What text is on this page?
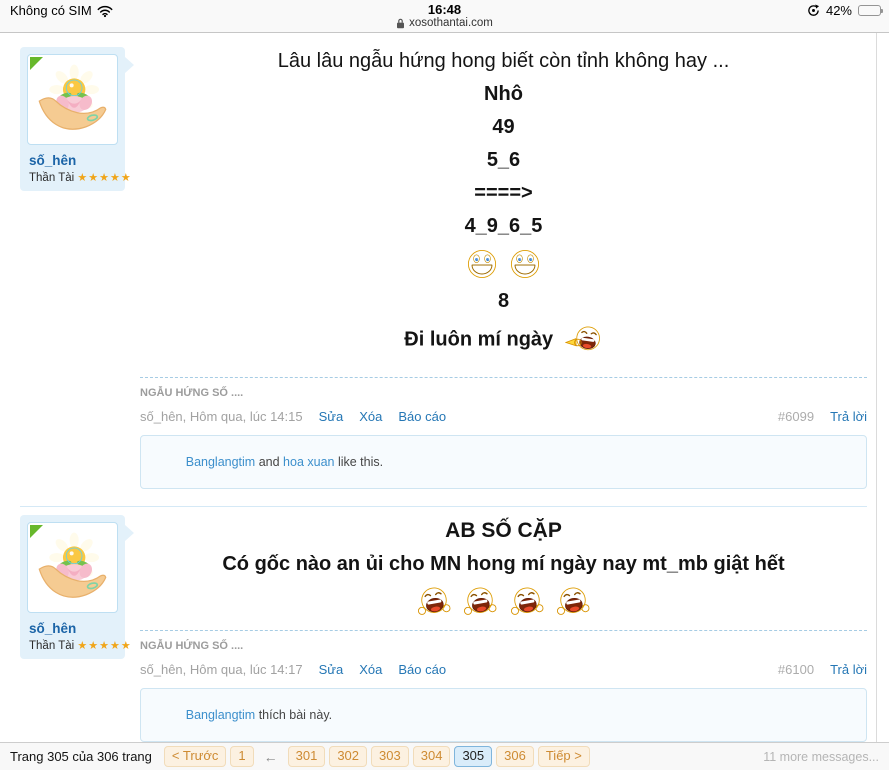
Không có SIM	16:48
xosothantai.com
42%
số_hên
Thần Tài ★★★★★
Lâu lâu ngẫu hứng hong biết còn tỉnh không hay ...
Nhô
49
5_6
====>
4_9_6_5

8
Đi luôn mí ngày
NGẪU HỨNG SỐ ....
số_hên, Hôm qua, lúc 14:15 Sửa Xóa Báo cáo	#6099 Trả lời

Banglangtim and hoa xuan like this.

số_hên
Thần Tài ★★★★★
AB SỐ CẶP
Có gốc nào an ủi cho MN hong mí ngày nay mt_mb giật hết

NGẪU HỨNG SỐ ....
số_hên, Hôm qua, lúc 14:17 Sửa Xóa Báo cáo	#6100 Trả lời

Banglangtim thích bài này.

Trang 305 của 306 trang	< Trước	1	←	301	302	303	304	305	306	Tiếp >	11 more messages...
